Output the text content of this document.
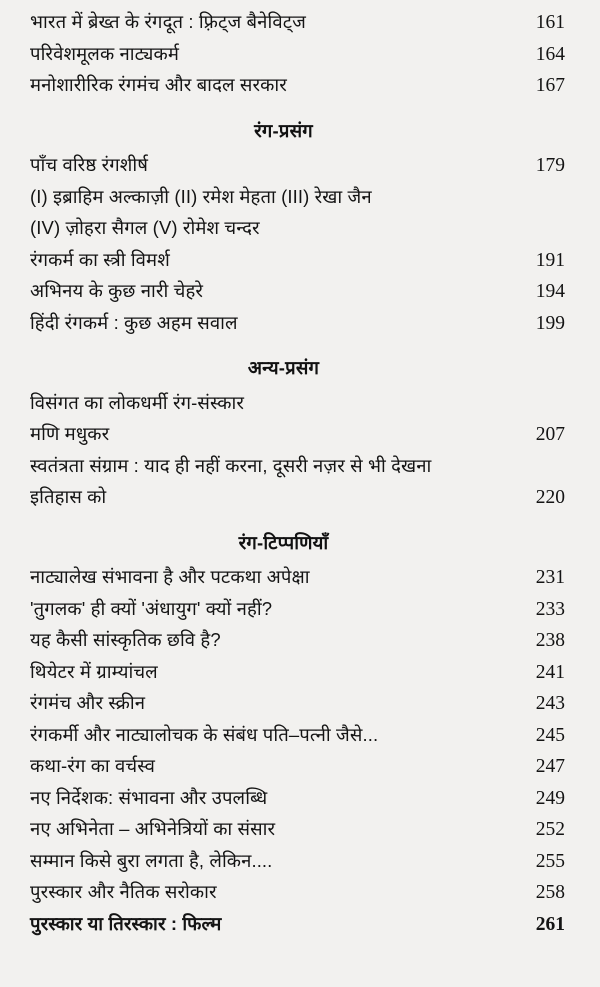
भारत में ब्रेख्त के रंगदूत : फ़्रिट्ज बैनेविट्ज	161
परिवेशमूलक नाट्यकर्म	164
मनोशारीरिक रंगमंच और बादल सरकार	167
रंग-प्रसंग
पाँच वरिष्ठ रंगशीर्ष	179
(I) इब्राहिम अल्काज़ी (II) रमेश मेहता (III) रेखा जैन
(IV) ज़ोहरा सैगल (V) रोमेश चन्दर
रंगकर्म का स्त्री विमर्श	191
अभिनय के कुछ नारी चेहरे	194
हिंदी रंगकर्म : कुछ अहम सवाल	199
अन्य-प्रसंग
विसंगत का लोकधर्मी रंग-संस्कार
मणि मधुकर	207
स्वतंत्रता संग्राम : याद ही नहीं करना, दूसरी नज़र से भी देखना
इतिहास को	220
रंग-टिप्पणियाँ
नाट्यालेख संभावना है और पटकथा अपेक्षा	231
'तुगलक' ही क्यों 'अंधायुग' क्यों नहीं?	233
यह कैसी सांस्कृतिक छवि है?	238
थियेटर में ग्राम्यांचल	241
रंगमंच और स्क्रीन	243
रंगकर्मी और नाट्यालोचक के संबंध पति–पत्नी जैसे...	245
कथा-रंग का वर्चस्व	247
नए निर्देशक: संभावना और उपलब्धि	249
नए अभिनेता – अभिनेत्रियों का संसार	252
सम्मान किसे बुरा लगता है, लेकिन....	255
पुरस्कार और नैतिक सरोकार	258
पुरस्कार या तिरस्कार : फिल्म	261
